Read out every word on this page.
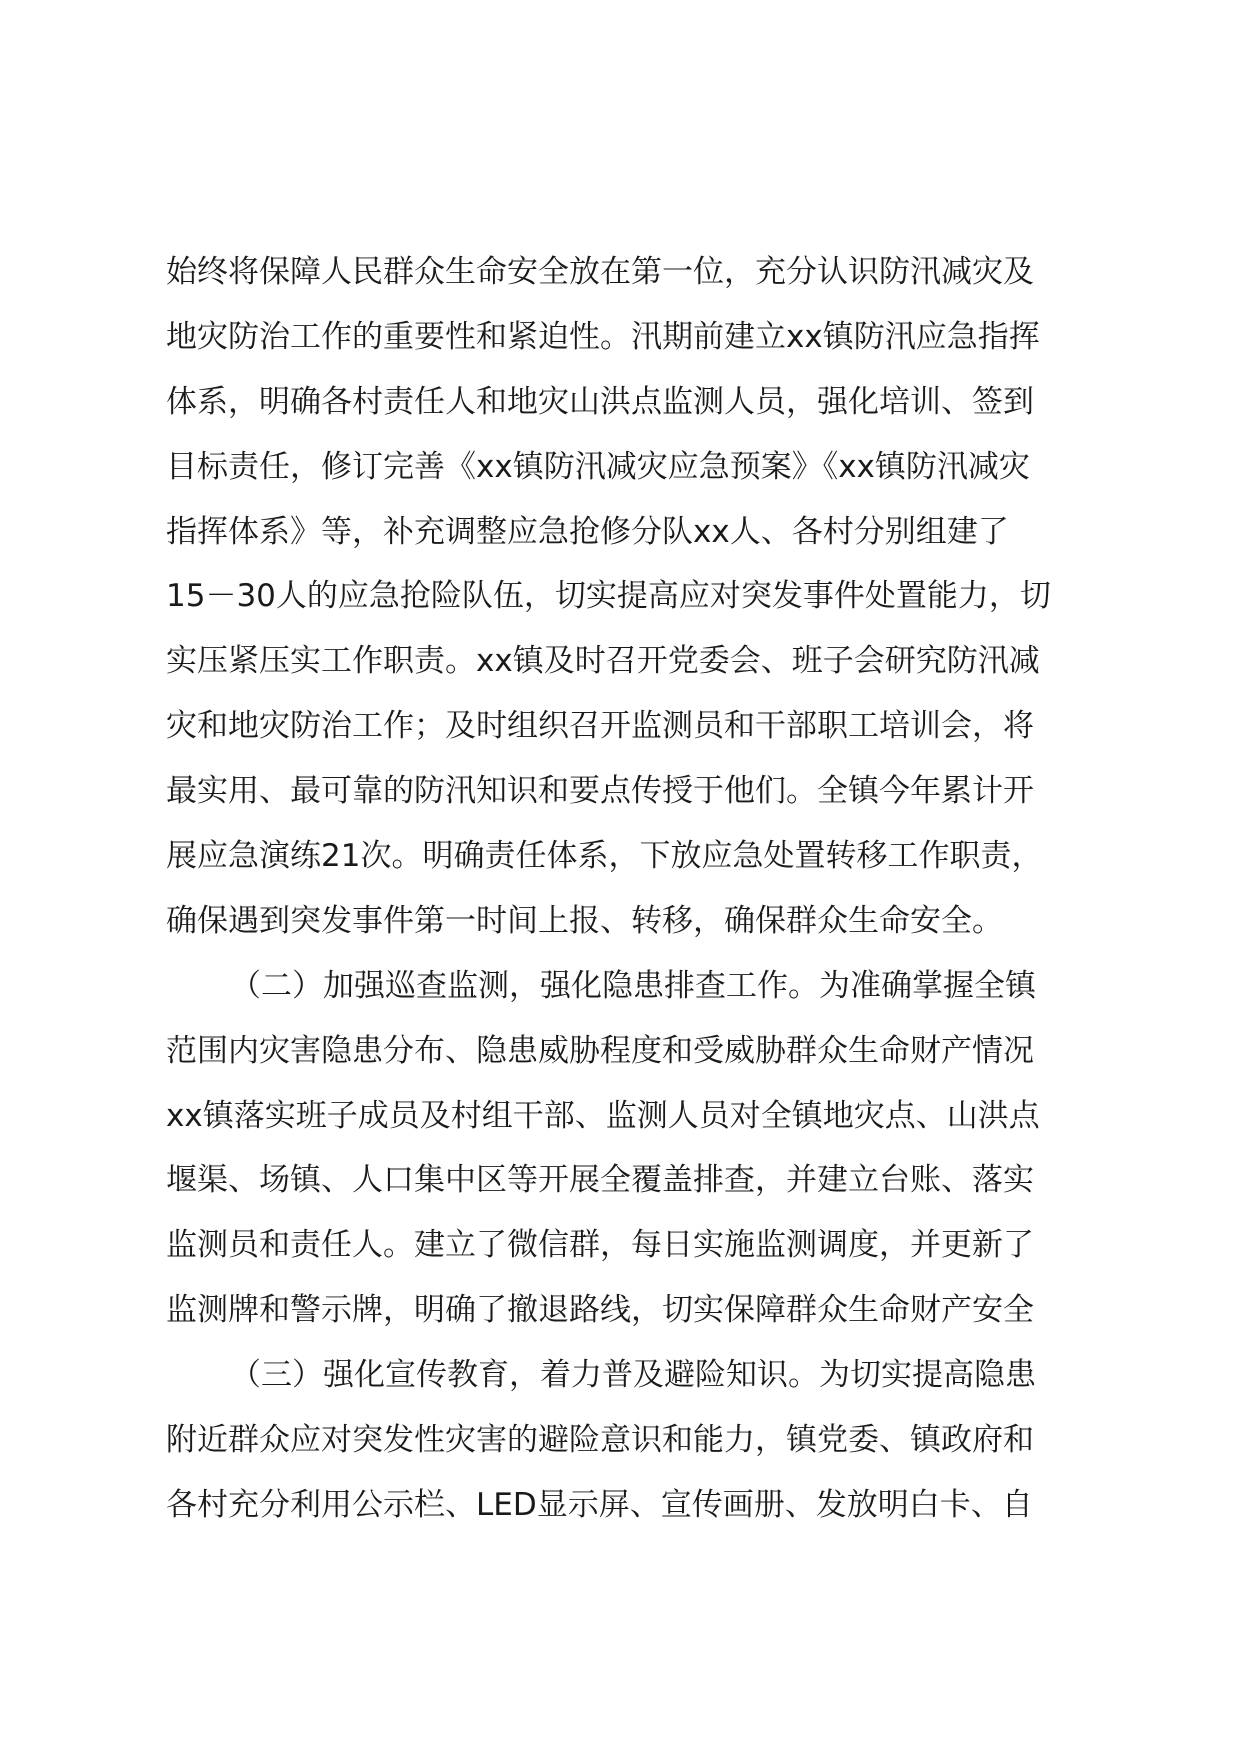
始终将保障人民群众生命安全放在第一位，充分认识防汛减灾及
地灾防治工作的重要性和紧迫性。汛期前建立xx镇防汛应急指挥
体系，明确各村责任人和地灾山洪点监测人员，强化培训、签到
目标责任，修订完善《xx镇防汛减灾应急预案》《xx镇防汛减灾
指挥体系》等，补充调整应急抢修分队xx人、各村分别组建了
15－30人的应急抢险队伍，切实提高应对突发事件处置能力，切
实压紧压实工作职责。xx镇及时召开党委会、班子会研究防汛减
灾和地灾防治工作；及时组织召开监测员和干部职工培训会，将
最实用、最可靠的防汛知识和要点传授于他们。全镇今年累计开
展应急演练21次。明确责任体系，下放应急处置转移工作职责，
确保遇到突发事件第一时间上报、转移，确保群众生命安全。
（二）加强巡查监测，强化隐患排查工作。为准确掌握全镇
范围内灾害隐患分布、隐患威胁程度和受威胁群众生命财产情况
xx镇落实班子成员及村组干部、监测人员对全镇地灾点、山洪点
堰渠、场镇、人口集中区等开展全覆盖排查，并建立台账、落实
监测员和责任人。建立了微信群，每日实施监测调度，并更新了
监测牌和警示牌，明确了撤退路线，切实保障群众生命财产安全
（三）强化宣传教育，着力普及避险知识。为切实提高隐患
附近群众应对突发性灾害的避险意识和能力，镇党委、镇政府和
各村充分利用公示栏、LED显示屏、宣传画册、发放明白卡、自
